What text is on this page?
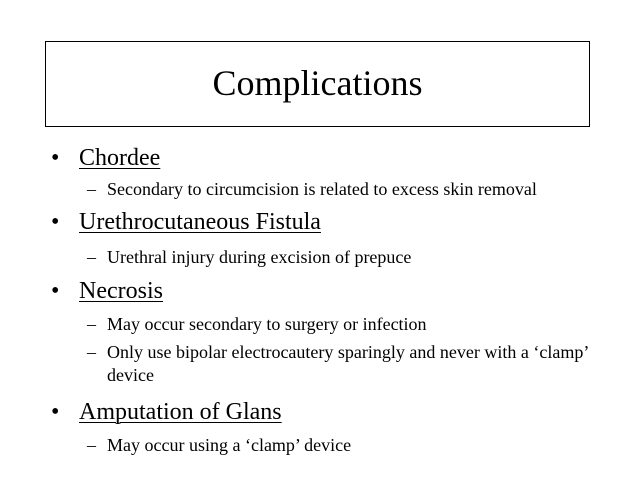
Complications
• Chordee
– Secondary to circumcision is related to excess skin removal
• Urethrocutaneous Fistula
– Urethral injury during excision of prepuce
• Necrosis
– May occur secondary to surgery or infection
– Only use bipolar electrocautery sparingly and never with a ‘clamp’ device
• Amputation of Glans
– May occur using a ‘clamp’ device
